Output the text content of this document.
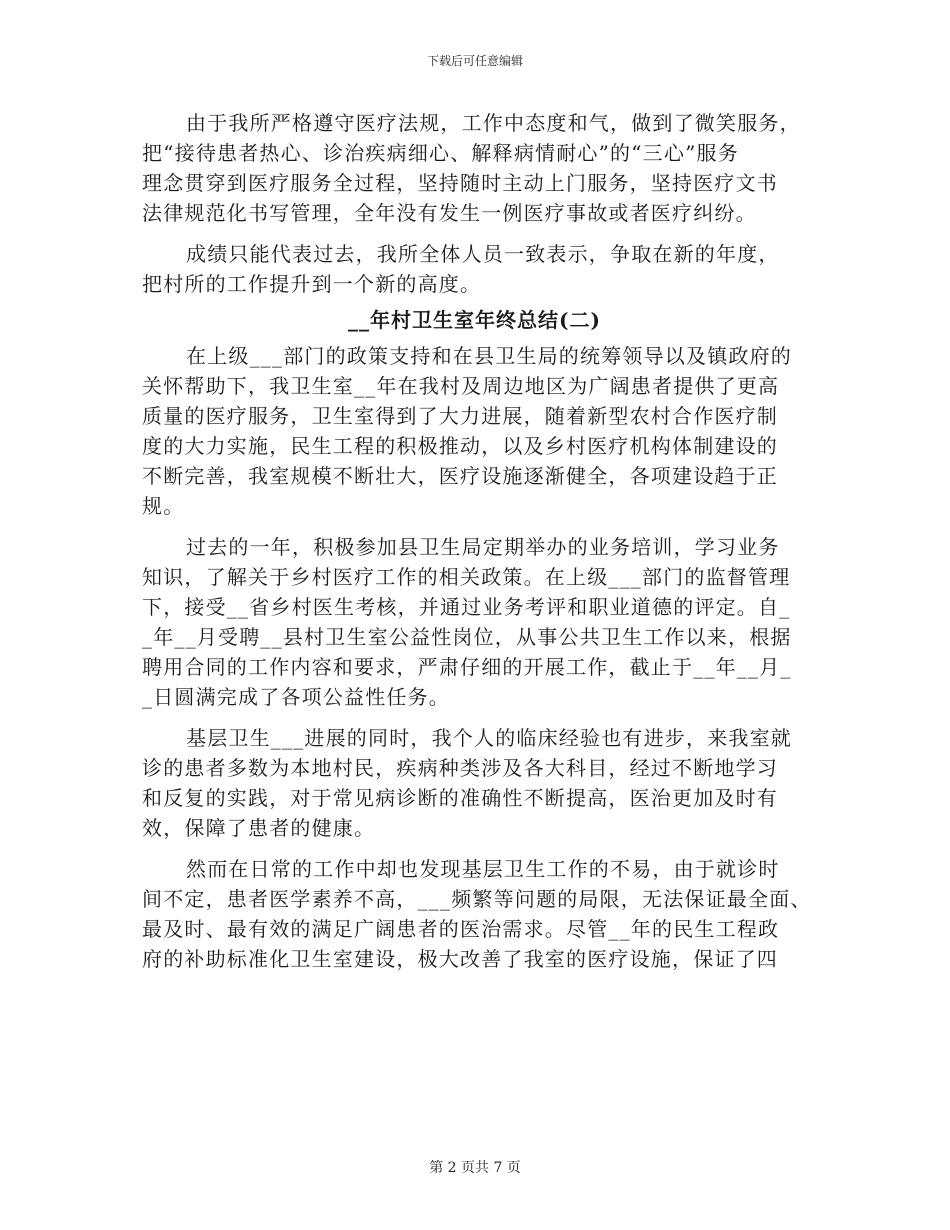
下载后可任意编辑
由于我所严格遵守医疗法规，工作中态度和气，做到了微笑服务，
把“接待患者热心、诊治疾病细心、解释病情耐心”的“三心”服务
理念贯穿到医疗服务全过程，坚持随时主动上门服务，坚持医疗文书
法律规范化书写管理，全年没有发生一例医疗事故或者医疗纠纷。
成绩只能代表过去，我所全体人员一致表示，争取在新的年度，
把村所的工作提升到一个新的高度。
__年村卫生室年终总结(二)
在上级___部门的政策支持和在县卫生局的统筹领导以及镇政府的
关怀帮助下，我卫生室__年在我村及周边地区为广阔患者提供了更高
质量的医疗服务，卫生室得到了大力进展，随着新型农村合作医疗制
度的大力实施，民生工程的积极推动，以及乡村医疗机构体制建设的
不断完善，我室规模不断壮大，医疗设施逐渐健全，各项建设趋于正
规。
过去的一年，积极参加县卫生局定期举办的业务培训，学习业务
知识，了解关于乡村医疗工作的相关政策。在上级___部门的监督管理
下，接受__省乡村医生考核，并通过业务考评和职业道德的评定。自_
_年__月受聘__县村卫生室公益性岗位，从事公共卫生工作以来，根据
聘用合同的工作内容和要求，严肃仔细的开展工作，截止于__年__月_
_日圆满完成了各项公益性任务。
基层卫生___进展的同时，我个人的临床经验也有进步，来我室就
诊的患者多数为本地村民，疾病种类涉及各大科目，经过不断地学习
和反复的实践，对于常见病诊断的准确性不断提高，医治更加及时有
效，保障了患者的健康。
然而在日常的工作中却也发现基层卫生工作的不易，由于就诊时
间不定，患者医学素养不高，___频繁等问题的局限，无法保证最全面、
最及时、最有效的满足广阔患者的医治需求。尽管__年的民生工程政
府的补助标准化卫生室建设，极大改善了我室的医疗设施，保证了四
第 2 页共 7 页
